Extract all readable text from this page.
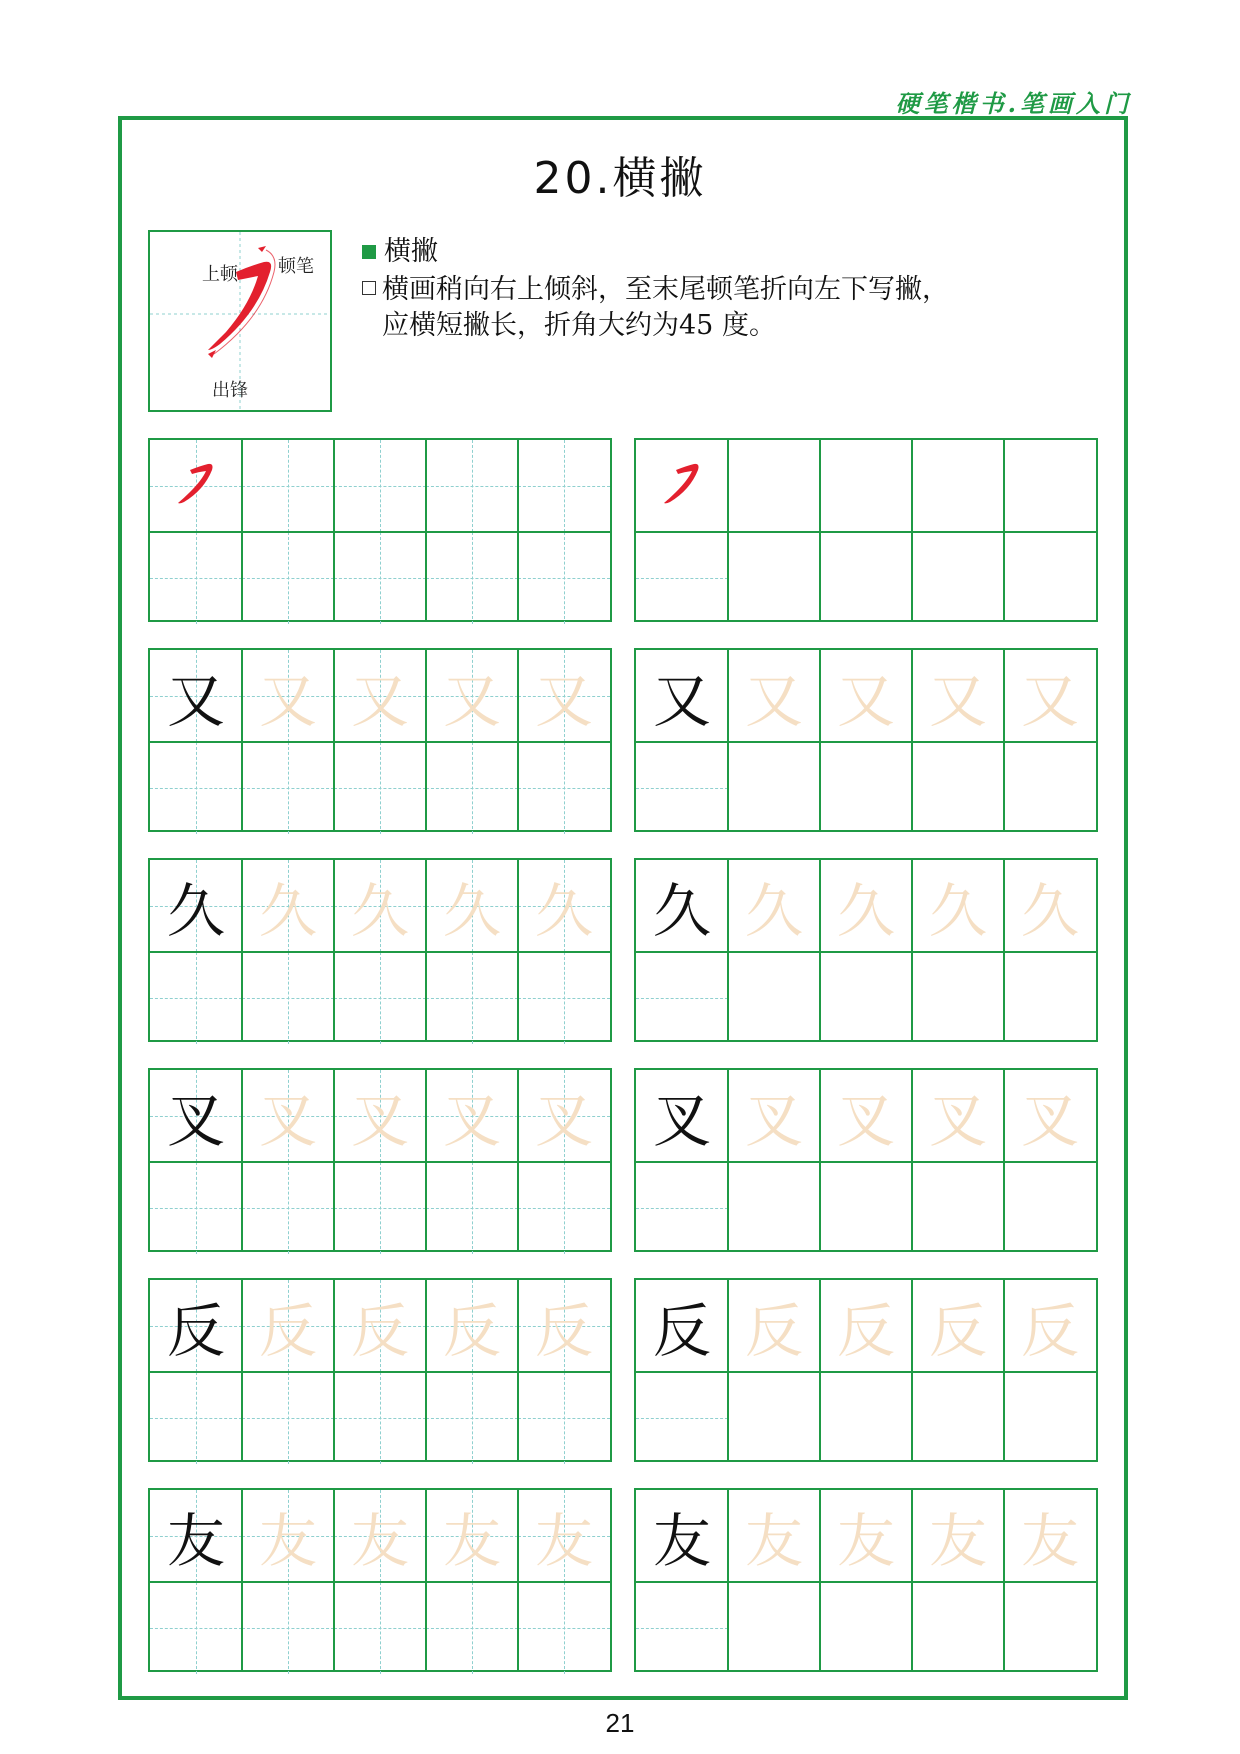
硬笔楷书.笔画入门
20.横撇
上顿 顿笔
出锋
横撇
横画稍向右上倾斜，至末尾顿笔折向左下写撇，
应横短撇长，折角大约为45 度。
又 又 又 又 又 又 又 又 又 又
久 久 久 久 久 久 久 久 久 久
叉 叉 叉 叉 叉 叉 叉 叉 叉 叉
反 反 反 反 反 反 反 反 反 反
友 友 友 友 友 友 友 友 友 友
21
